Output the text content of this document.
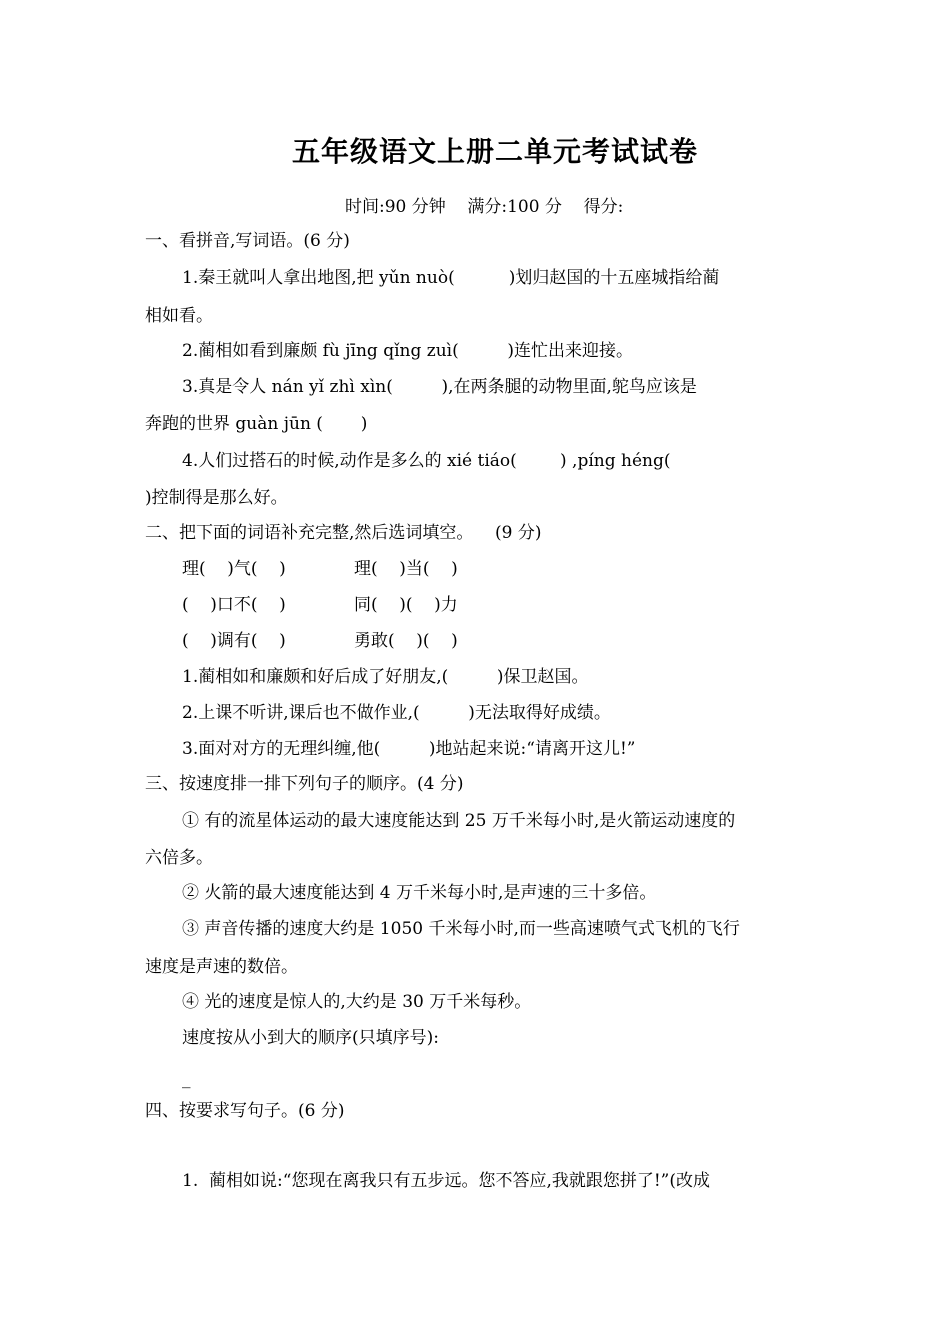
五年级语文上册二单元考试试卷
时间:90 分钟    满分:100 分    得分:
一、看拼音,写词语。(6 分)
1.秦王就叫人拿出地图,把 yǔn nuò(          )划归赵国的十五座城指给蔺
相如看。
2.蔺相如看到廉颇 fù jīng qǐng zuì(         )连忙出来迎接。
3.真是令人 nán yǐ zhì xìn(         ),在两条腿的动物里面,鸵鸟应该是
奔跑的世界 guàn jūn (       )
4.人们过搭石的时候,动作是多么的 xié tiáo(        ) ,píng héng(
)控制得是那么好。
二、把下面的词语补充完整,然后选词填空。    (9 分)
理(    )气(    )	理(    )当(    )
(    )口不(    )	同(    )(    )力
(    )调有(    )	勇敢(    )(    )
1.蔺相如和廉颇和好后成了好朋友,(         )保卫赵国。
2.上课不听讲,课后也不做作业,(         )无法取得好成绩。
3.面对对方的无理纠缠,他(         )地站起来说:“请离开这儿!”
三、按速度排一排下列句子的顺序。(4 分)
① 有的流星体运动的最大速度能达到 25 万千米每小时,是火箭运动速度的
六倍多。
② 火箭的最大速度能达到 4 万千米每小时,是声速的三十多倍。
③ 声音传播的速度大约是 1050 千米每小时,而一些高速喷气式飞机的飞行
速度是声速的数倍。
④ 光的速度是惊人的,大约是 30 万千米每秒。
速度按从小到大的顺序(只填序号):
_
四、按要求写句子。(6 分)
1.  蔺相如说:“您现在离我只有五步远。您不答应,我就跟您拼了!”(改成
